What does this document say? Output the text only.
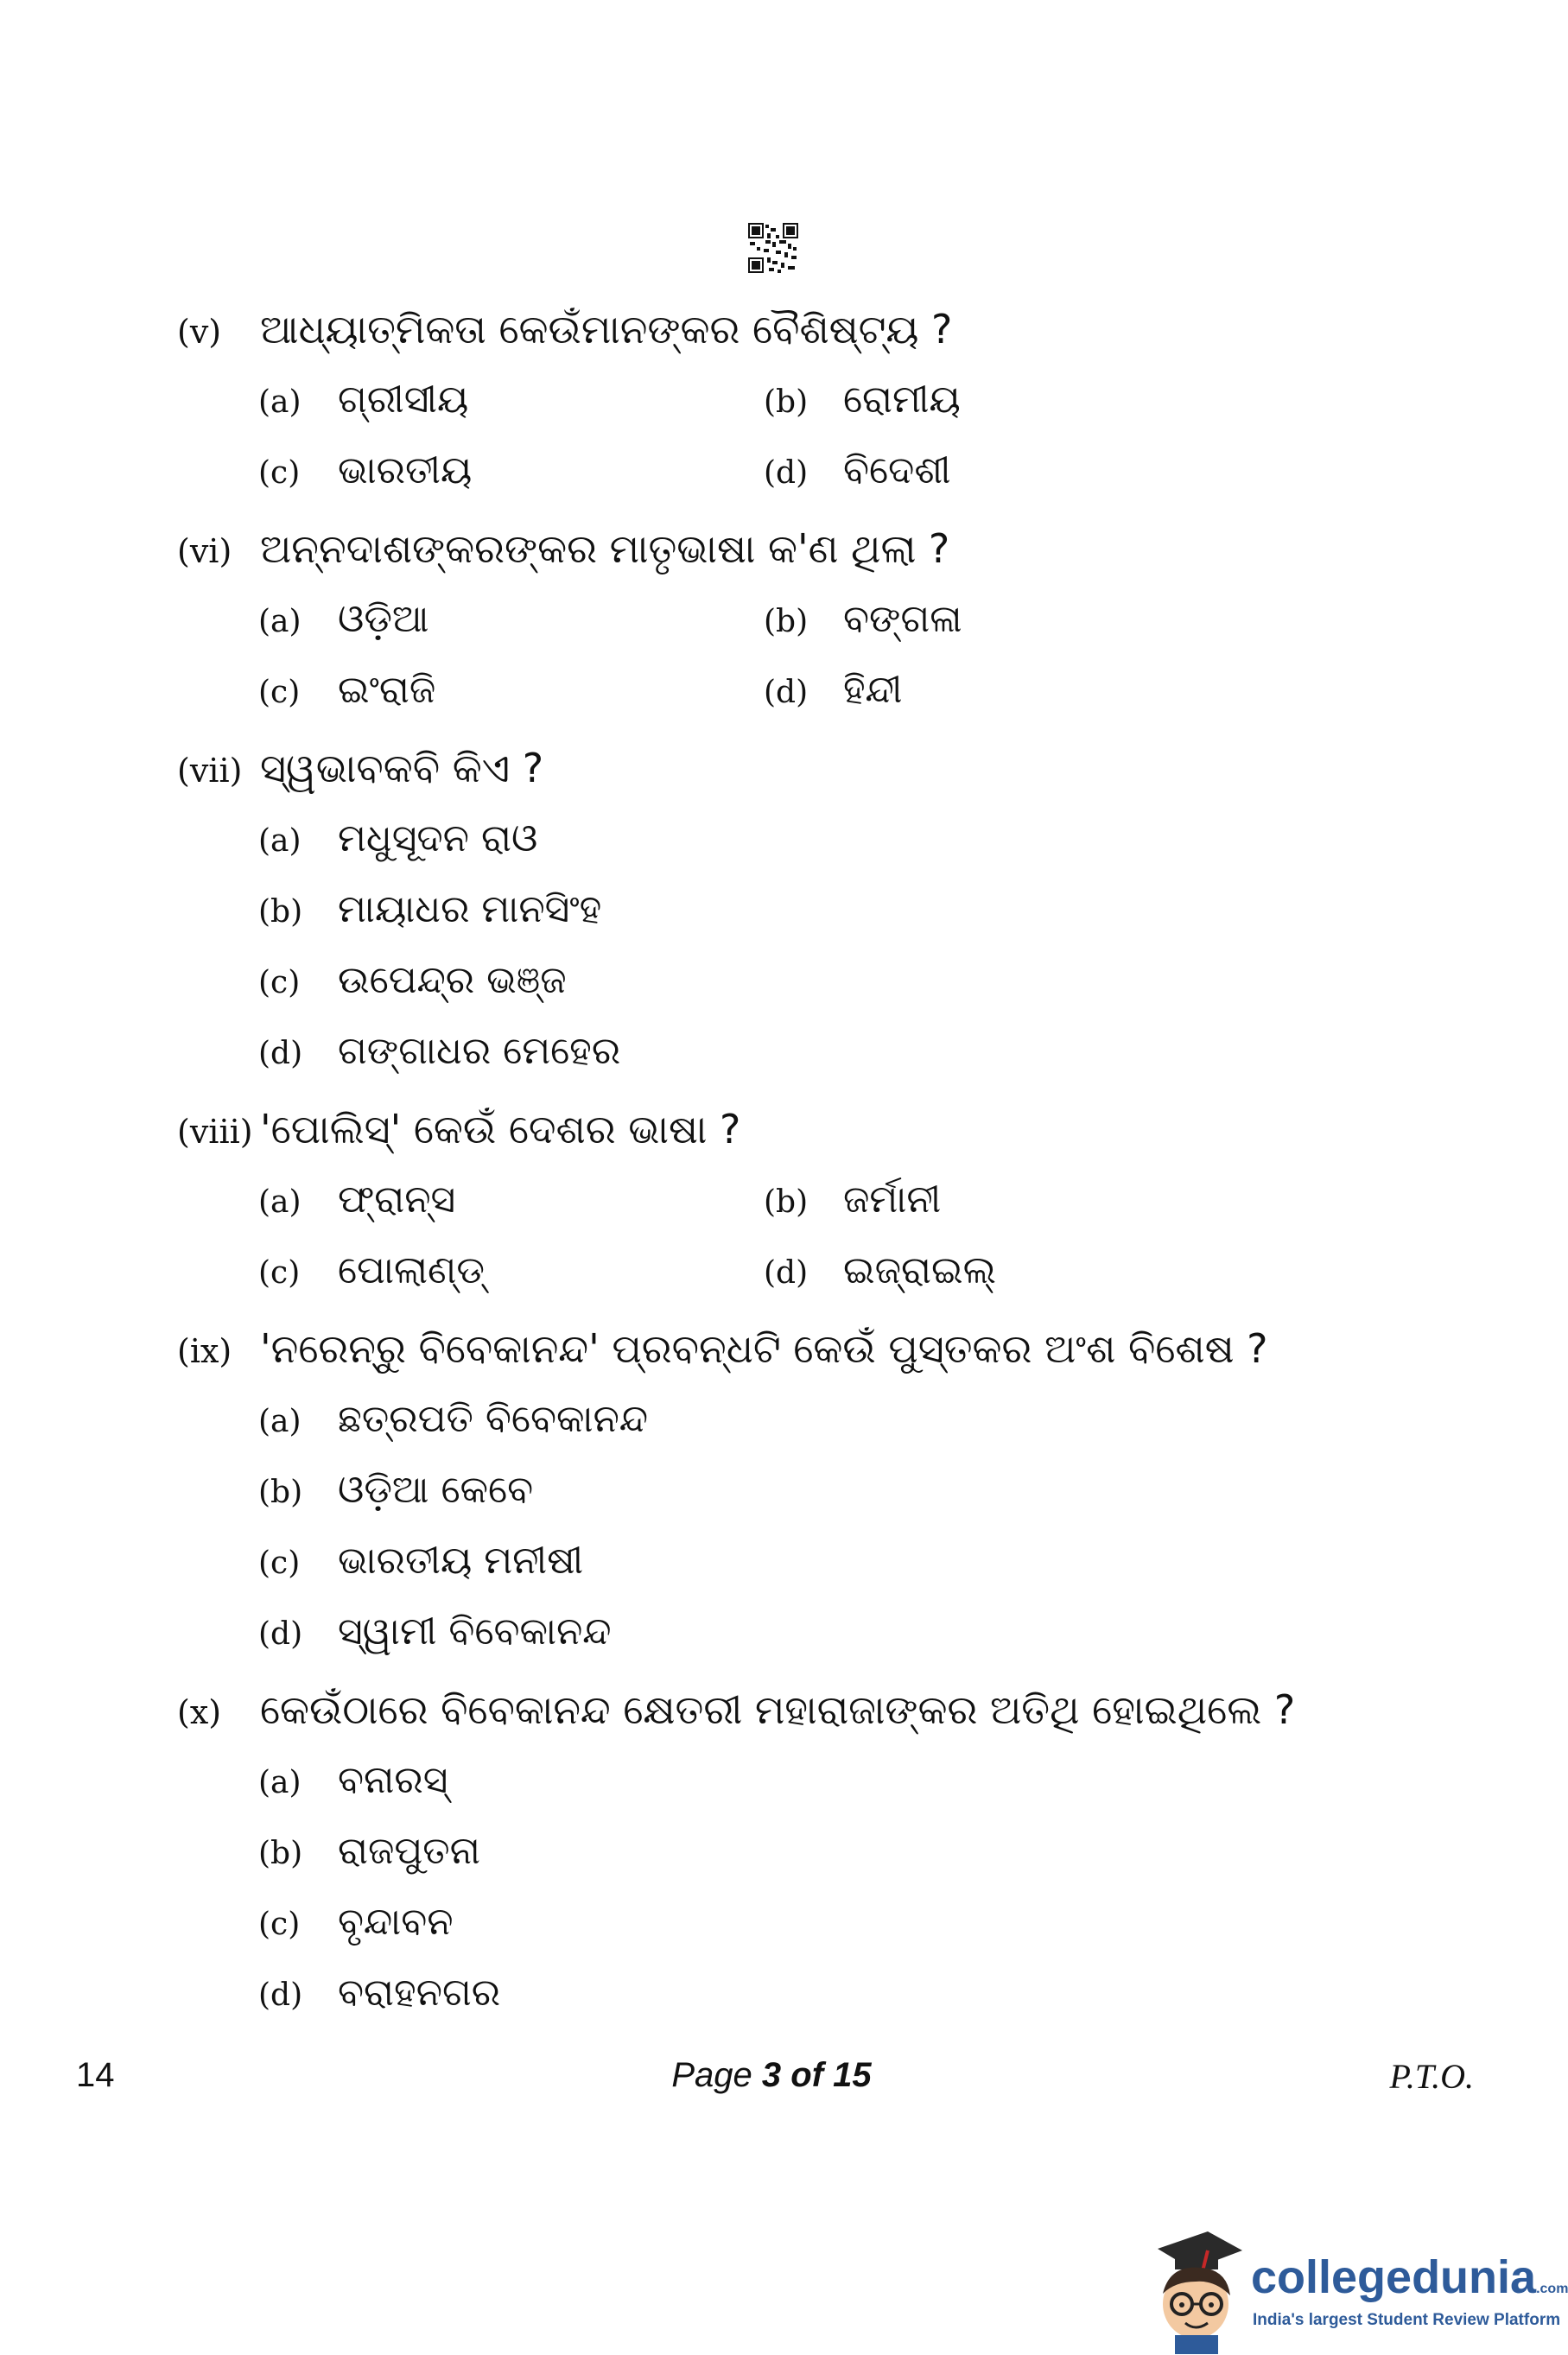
(v) ଆଧ୍ୟାତ୍ମିକତା କେଉଁମାନଙ୍କର ବୈଶିଷ୍ଟ୍ୟ ?
(a) ଗ୍ରୀସୀୟ	(b) ରୋମୀୟ
(c) ଭାରତୀୟ	(d) ବିଦେଶୀ
(vi) ଅନ୍ନଦାଶଙ୍କରଙ୍କର ମାତୃଭାଷା କ'ଣ ଥିଲା ?
(a) ଓଡ଼ିଆ	(b) ବଙ୍ଗଳା
(c) ଇଂରାଜି	(d) ହିନ୍ଦୀ
(vii) ସ୍ୱଭାବକବି କିଏ ?
(a) ମଧୁସୂଦନ ରାଓ
(b) ମାୟାଧର ମାନସିଂହ
(c) ଉପେନ୍ଦ୍ର ଭଞ୍ଜ
(d) ଗଙ୍ଗାଧର ମେହେର
(viii) 'ପୋଲିସ୍' କେଉଁ ଦେଶର ଭାଷା ?
(a) ଫ୍ରାନ୍ସ	(b) ଜର୍ମାନୀ
(c) ପୋଲାଣ୍ଡ୍	(d) ଇଜ୍ରାଇଲ୍
(ix) 'ନରେନ୍‌ରୁ ବିବେକାନନ୍ଦ' ପ୍ରବନ୍ଧଟି କେଉଁ ପୁସ୍ତକର ଅଂଶ ବିଶେଷ ?
(a) ଛତ୍ରପତି ବିବେକାନନ୍ଦ
(b) ଓଡ଼ିଆ କେବେ
(c) ଭାରତୀୟ ମନୀଷୀ
(d) ସ୍ୱାମୀ ବିବେକାନନ୍ଦ
(x) କେଉଁଠାରେ ବିବେକାନନ୍ଦ କ୍ଷେତରୀ ମହାରାଜାଙ୍କର ଅତିଥି ହୋଇଥିଲେ ?
(a) ବନାରସ୍
(b) ରାଜପୁତନା
(c) ବୃନ୍ଦାବନ
(d) ବରାହନଗର
14	Page 3 of 15	P.T.O.
collegedunia.com
India's largest Student Review Platform
